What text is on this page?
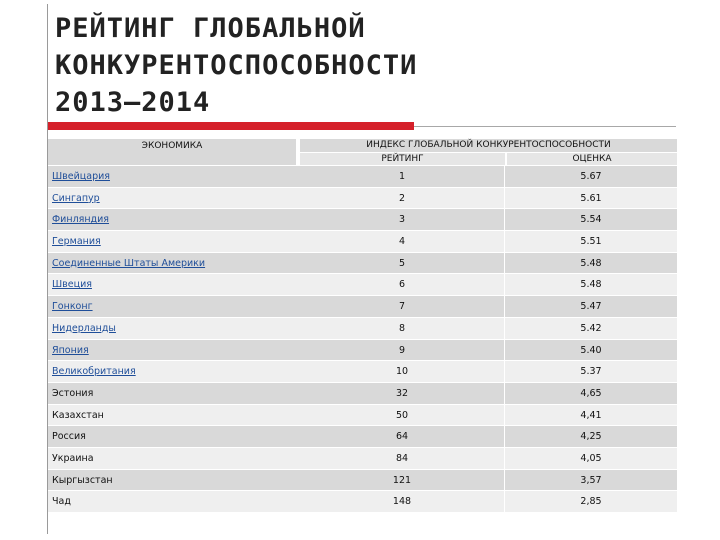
РЕЙТИНГ ГЛОБАЛЬНОЙ
КОНКУРЕНТОСПОСОБНОСТИ
2013–2014
ЭКОНОМИКА	ИНДЕКС ГЛОБАЛЬНОЙ КОНКУРЕНТОСПОСОБНОСТИ
РЕЙТИНГ	ОЦЕНКА
Швейцария	1	5.67
Сингапур	2	5.61
Финляндия	3	5.54
Германия	4	5.51
Соединенные Штаты Америки	5	5.48
Швеция	6	5.48
Гонконг	7	5.47
Нидерланды	8	5.42
Япония	9	5.40
Великобритания	10	5.37
Эстония	32	4,65
Казахстан	50	4,41
Россия	64	4,25
Украина	84	4,05
Кыргызстан	121	3,57
Чад	148	2,85
